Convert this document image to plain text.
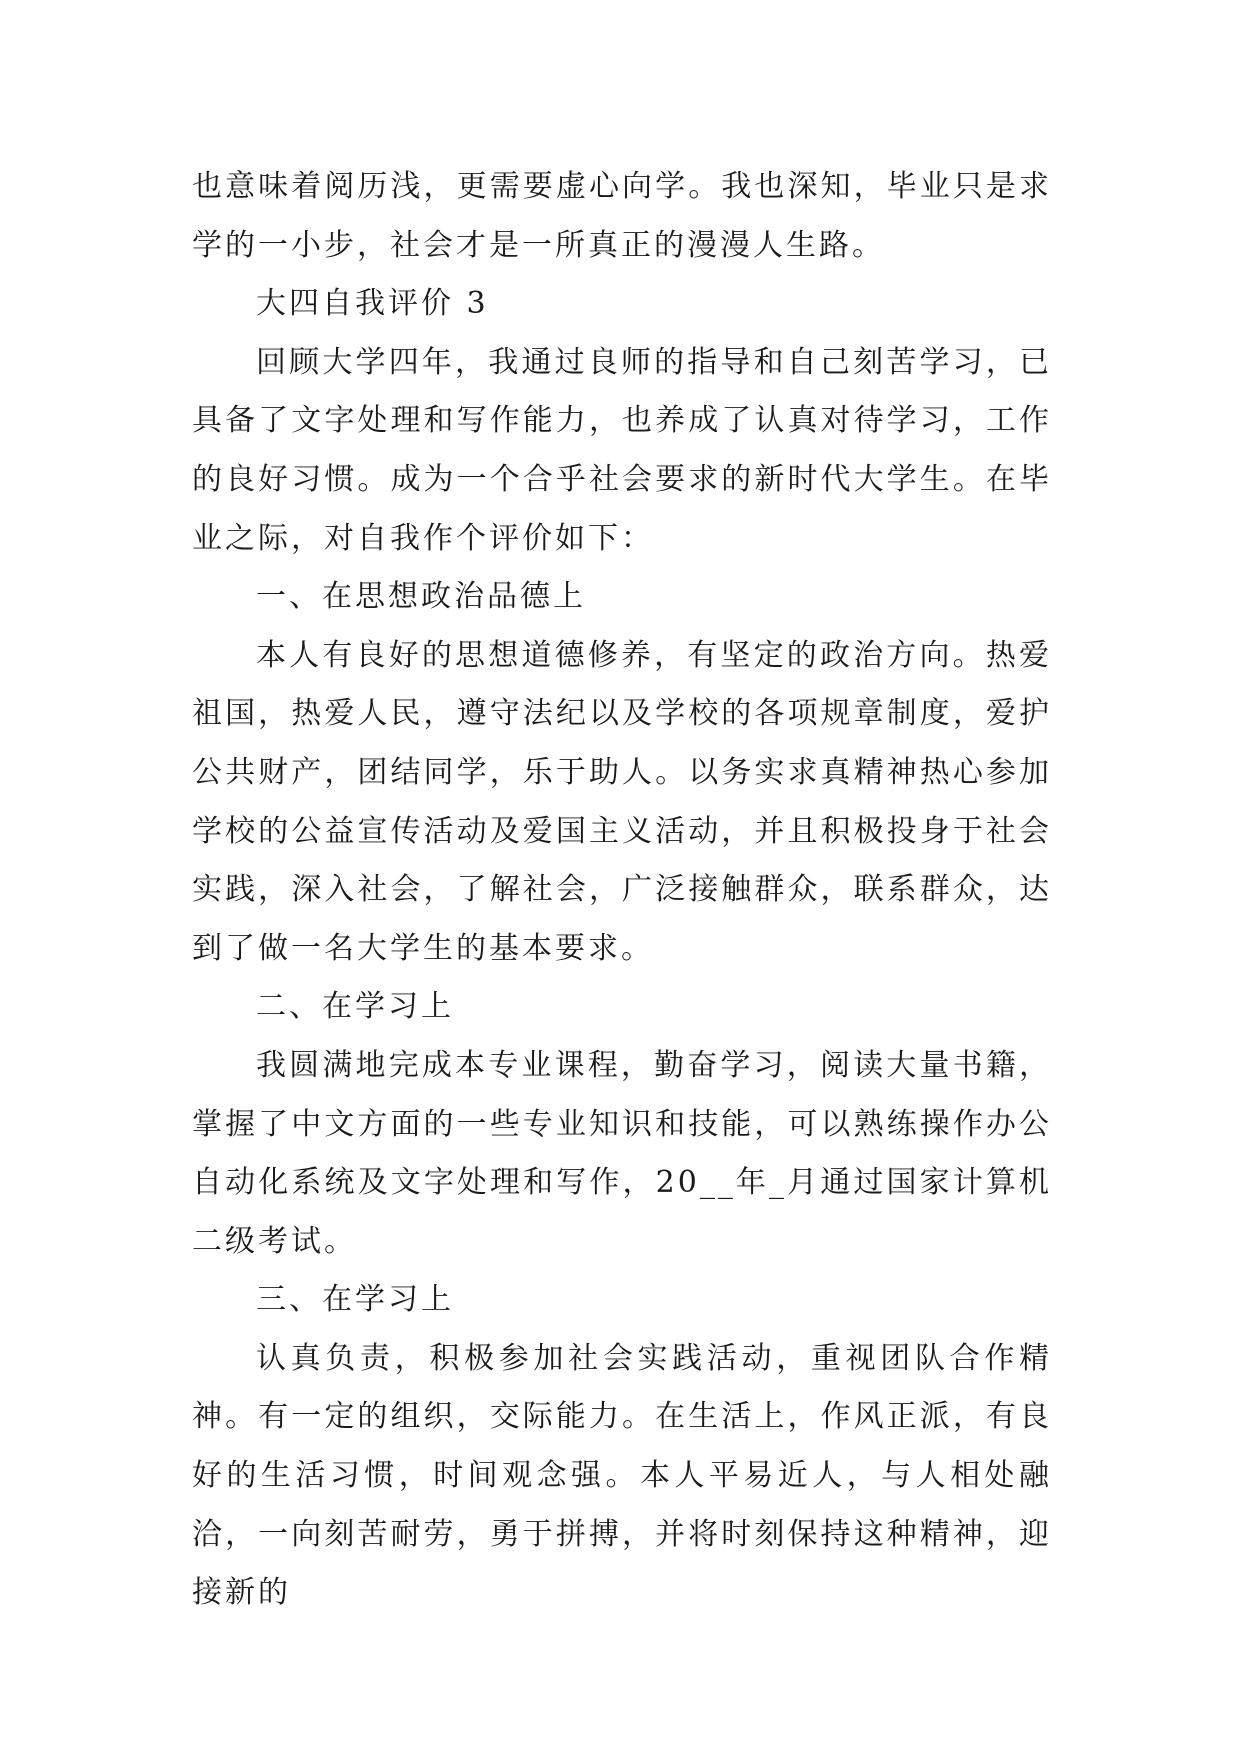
也意味着阅历浅，更需要虚心向学。我也深知，毕业只是求学的一小步，社会才是一所真正的漫漫人生路。

大四自我评价 3

回顾大学四年，我通过良师的指导和自己刻苦学习，已具备了文字处理和写作能力，也养成了认真对待学习，工作的良好习惯。成为一个合乎社会要求的新时代大学生。在毕业之际，对自我作个评价如下：

一、在思想政治品德上

本人有良好的思想道德修养，有坚定的政治方向。热爱祖国，热爱人民，遵守法纪以及学校的各项规章制度，爱护公共财产，团结同学，乐于助人。以务实求真精神热心参加学校的公益宣传活动及爱国主义活动，并且积极投身于社会实践，深入社会，了解社会，广泛接触群众，联系群众，达到了做一名大学生的基本要求。

二、在学习上

我圆满地完成本专业课程，勤奋学习，阅读大量书籍，掌握了中文方面的一些专业知识和技能，可以熟练操作办公自动化系统及文字处理和写作，20__年_月通过国家计算机二级考试。

三、在学习上

认真负责，积极参加社会实践活动，重视团队合作精神。有一定的组织，交际能力。在生活上，作风正派，有良好的生活习惯，时间观念强。本人平易近人，与人相处融洽，一向刻苦耐劳，勇于拼搏，并将时刻保持这种精神，迎接新的
